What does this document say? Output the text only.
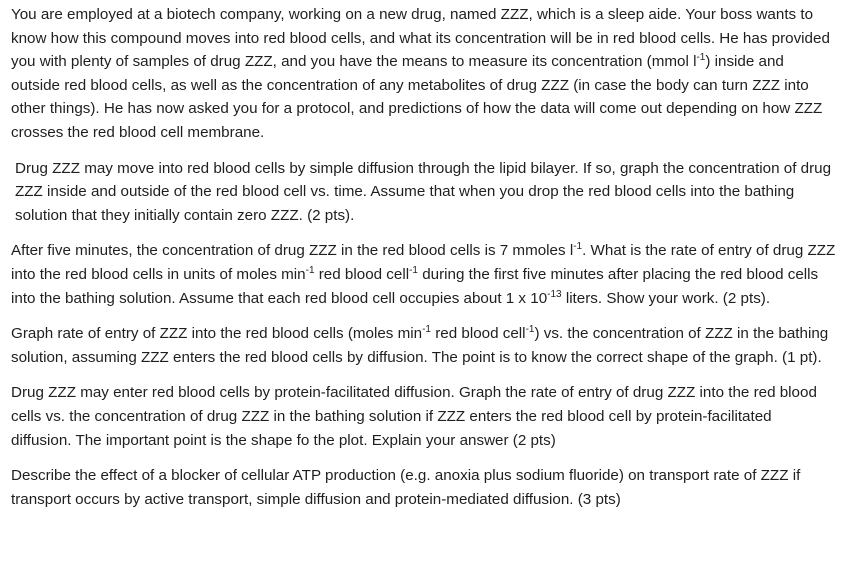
You are employed at a biotech company, working on a new drug, named ZZZ, which is a sleep aide. Your boss wants to know how this compound moves into red blood cells, and what its concentration will be in red blood cells. He has provided you with plenty of samples of drug ZZZ, and you have the means to measure its concentration (mmol $l^{-1}$) inside and outside red blood cells, as well as the concentration of any metabolites of drug ZZZ (in case the body can turn ZZZ into other things). He has now asked you for a protocol, and predictions of how the data will come out depending on how ZZZ crosses the red blood cell membrane.

Drug ZZZ may move into red blood cells by simple diffusion through the lipid bilayer. If so, graph the concentration of drug ZZZ inside and outside of the red blood cell vs. time. Assume that when you drop the red blood cells into the bathing solution that they initially contain zero ZZZ. (2 pts).

After five minutes, the concentration of drug ZZZ in the red blood cells is 7 mmoles $l^{-1}$. What is the rate of entry of drug ZZZ into the red blood cells in units of moles $\min^{-1}$ red blood cell$^{-1}$ during the first five minutes after placing the red blood cells into the bathing solution. Assume that each red blood cell occupies about 1 x $10^{-13}$ liters. Show your work. (2 pts).

Graph rate of entry of ZZZ into the red blood cells (moles $\min^{-1}$ red blood cell$^{-1}$) vs. the concentration of ZZZ in the bathing solution, assuming ZZZ enters the red blood cells by diffusion. The point is to know the correct shape of the graph. (1 pt).

Drug ZZZ may enter red blood cells by protein-facilitated diffusion. Graph the rate of entry of drug ZZZ into the red blood cells vs. the concentration of drug ZZZ in the bathing solution if ZZZ enters the red blood cell by protein-facilitated diffusion. The important point is the shape fo the plot. Explain your answer (2 pts)

Describe the effect of a blocker of cellular ATP production (e.g. anoxia plus sodium fluoride) on transport rate of ZZZ if transport occurs by active transport, simple diffusion and protein-mediated diffusion. (3 pts)
